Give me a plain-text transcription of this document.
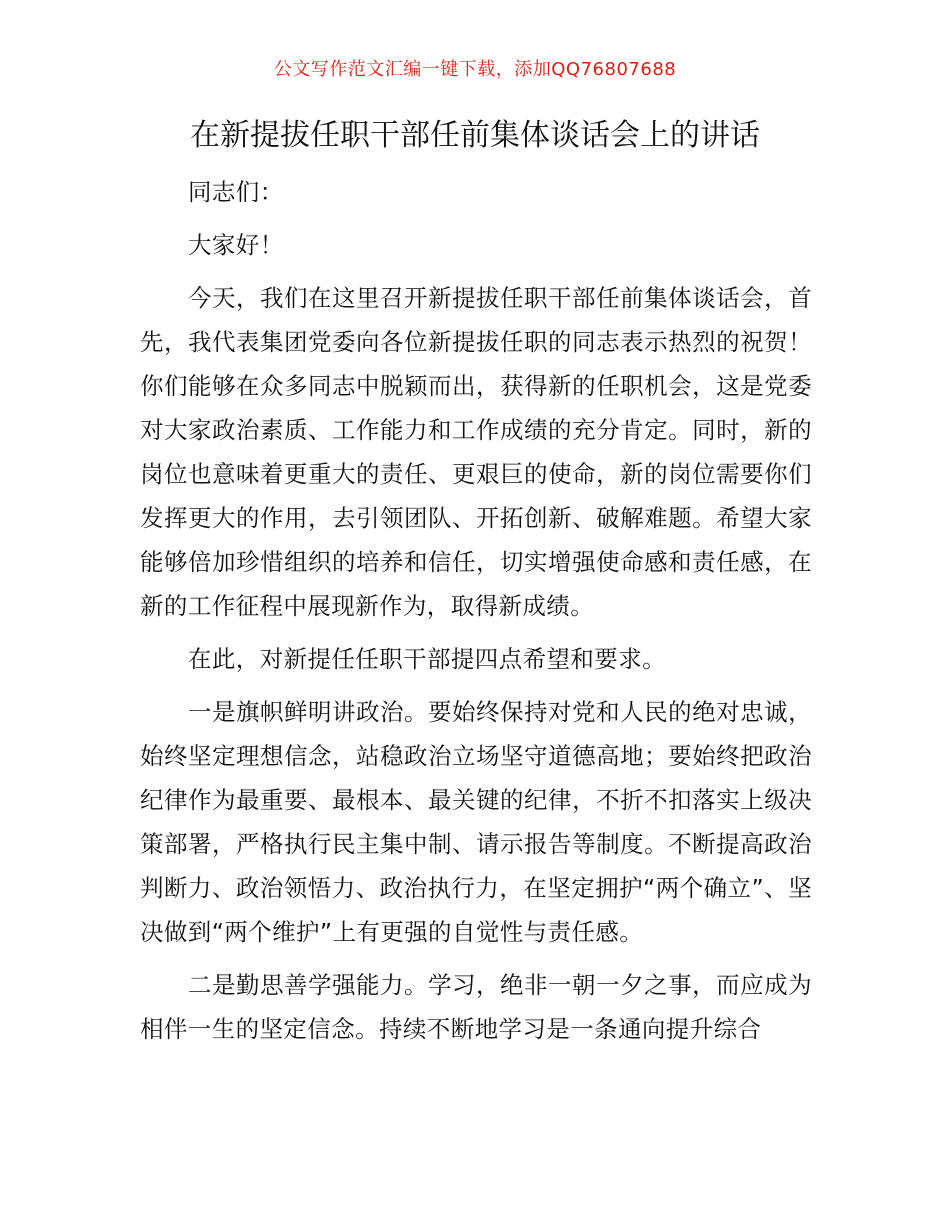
公文写作范文汇编一键下载，添加QQ76807688
在新提拔任职干部任前集体谈话会上的讲话

同志们：

大家好！

今天，我们在这里召开新提拔任职干部任前集体谈话会，首先，我代表集团党委向各位新提拔任职的同志表示热烈的祝贺！你们能够在众多同志中脱颖而出，获得新的任职机会，这是党委对大家政治素质、工作能力和工作成绩的充分肯定。同时，新的岗位也意味着更重大的责任、更艰巨的使命，新的岗位需要你们发挥更大的作用，去引领团队、开拓创新、破解难题。希望大家能够倍加珍惜组织的培养和信任，切实增强使命感和责任感，在新的工作征程中展现新作为，取得新成绩。

在此，对新提任任职干部提四点希望和要求。

一是旗帜鲜明讲政治。要始终保持对党和人民的绝对忠诚，始终坚定理想信念，站稳政治立场坚守道德高地；要始终把政治纪律作为最重要、最根本、最关键的纪律，不折不扣落实上级决策部署，严格执行民主集中制、请示报告等制度。不断提高政治判断力、政治领悟力、政治执行力，在坚定拥护“两个确立”、坚决做到“两个维护”上有更强的自觉性与责任感。

二是勤思善学强能力。学习，绝非一朝一夕之事，而应成为相伴一生的坚定信念。持续不断地学习是一条通向提升综合
